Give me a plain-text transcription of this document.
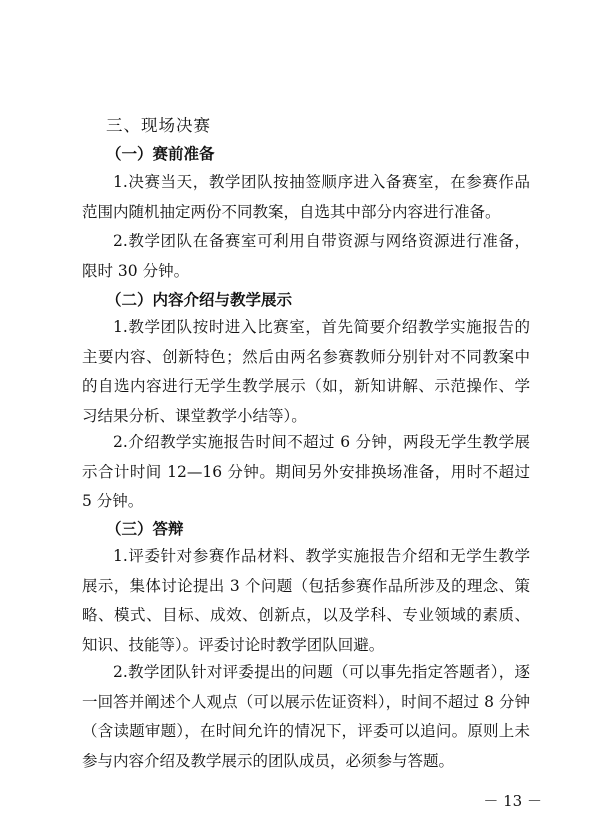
三、现场决赛
（一）赛前准备

1.决赛当天，教学团队按抽签顺序进入备赛室，在参赛作品范围内随机抽定两份不同教案，自选其中部分内容进行准备。

2.教学团队在备赛室可利用自带资源与网络资源进行准备，限时 30 分钟。

（二）内容介绍与教学展示

1.教学团队按时进入比赛室，首先简要介绍教学实施报告的主要内容、创新特色；然后由两名参赛教师分别针对不同教案中的自选内容进行无学生教学展示（如，新知讲解、示范操作、学习结果分析、课堂教学小结等）。

2.介绍教学实施报告时间不超过 6 分钟，两段无学生教学展示合计时间 12—16 分钟。期间另外安排换场准备，用时不超过 5 分钟。

（三）答辩

1.评委针对参赛作品材料、教学实施报告介绍和无学生教学展示，集体讨论提出 3 个问题（包括参赛作品所涉及的理念、策略、模式、目标、成效、创新点，以及学科、专业领域的素质、知识、技能等）。评委讨论时教学团队回避。

2.教学团队针对评委提出的问题（可以事先指定答题者），逐一回答并阐述个人观点（可以展示佐证资料），时间不超过 8 分钟（含读题审题），在时间允许的情况下，评委可以追问。原则上未参与内容介绍及教学展示的团队成员，必须参与答题。

－ 13 －
